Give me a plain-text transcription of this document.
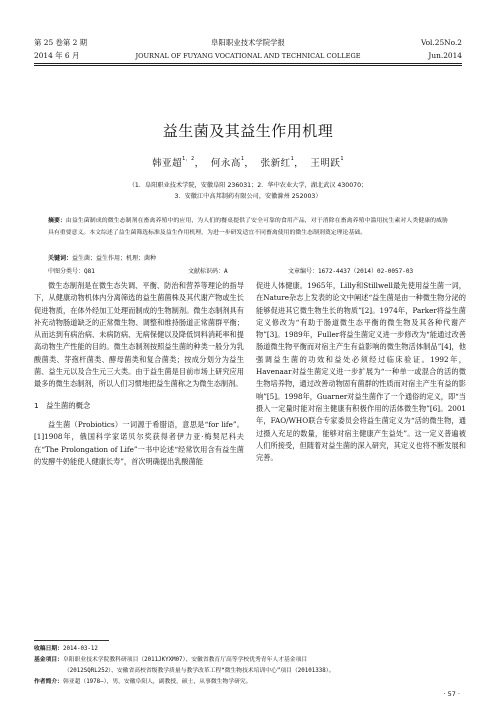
第 25 卷第 2 期	阜阳职业技术学院学报	Vol.25No.2
2014 年 6 月	JOURNAL OF FUYANG VOCATIONAL AND TECHNICAL COLLEGE	Jun.2014
益生菌及其益生作用机理
韩亚超$^{1,2}$， 何永高$^1$， 张新红$^1$， 王明跃$^1$
（1．阜阳职业技术学院，安徽阜阳 236031；2．华中农业大学，湖北武汉 430070；
3．安徽江中高邦制药有限公司，安徽滁州 252003）
摘要：由益生菌制成的微生态制剂在畜禽养殖中的应用，为人们的餐桌提供了安全可靠的食用产品，对于消除在畜禽养殖中滥用抗生素对人类健康的威胁具有重要意义。本文综述了益生菌筛选标准及益生作用机理，为进一步研发适宜不同畜禽使用的微生态制剂奠定理论基础。
关键词：益生菌；益生作用；机理；菌种
中图分类号：Q81	文献标识码：A	文章编号：1672-4437（2014）02-0057-03

微生态制剂是在微生态失调、平衡、防治和营养等理论的指导下，从健康动物机体内分离筛选的益生菌菌株及其代谢产物或生长促进物质，在体外经加工处理而制成的生物制剂。微生态制剂具有补充动物肠道缺乏的正常微生物、调整和维持肠道正常菌群平衡；从而达到有病治病、未病防病、无病保健以及降低饲料消耗率和提高动物生产性能的目的。微生态制剂按照益生菌的种类一般分为乳酸菌类、芽孢杆菌类、酵母菌类和复合菌类；按成分划分为益生菌、益生元以及合生元三大类。由于益生菌是目前市场上研究应用最多的微生态制剂，所以人们习惯地把益生菌称之为微生态制剂。

1　益生菌的概念

益生菌（Probiotics）一词源于希腊语，意思是“for life”。[1]1908年，俄国科学家诺贝尔奖获得者伊力亚·梅契尼科夫在“The Prolongation of Life”一书中论述“经常饮用含有益生菌的发酵牛奶能使人健康长寿”，首次明确提出乳酸菌能

促进人体健康。1965年，Lilly和Stillwell最先使用益生菌一词，在Nature杂志上发表的论文中阐述“益生菌是由一种微生物分泌的能够促进其它微生物生长的物质”[2]。1974年，Parker将益生菌定义修改为“有助于肠道微生态平衡的微生物及其各种代谢产物”[3]。1989年，Fuller将益生菌定义进一步修改为“能通过改善肠道微生物平衡而对宿主产生有益影响的微生物活体制品”[4]，他强调益生菌的功效和益处必须经过临床验证。1992年，Havenaar对益生菌定义进一步扩展为“一种单一或混合的活的微生物培养物，通过改善动物固有菌群的性质而对宿主产生有益的影响”[5]。1998年，Guarner对益生菌作了一个通俗的定义，即“当摄入一定量时能对宿主健康有积极作用的活体微生物”[6]。2001年，FAO/WHO联合专家委员会将益生菌定义为“活的微生物，通过摄入充足的数量，能够对宿主健康产生益处”。这一定义普遍被人们所接受，但随着对益生菌的深入研究，其定义也将不断发展和完善。

收稿日期：2014-03-12
基金项目：阜阳职业技术学院教科研项目（2011JKYXM07）、安徽省教育厅高等学校优秀青年人才基金项目
（2012SQRL252）、安徽省高校省级教学质量与教学改革工程“微生物技术培训中心”项目（20101338）。
作者简介：韩亚超（1978—），男，安徽阜阳人，副教授，硕士，从事微生物学研究。
· 57 ·
